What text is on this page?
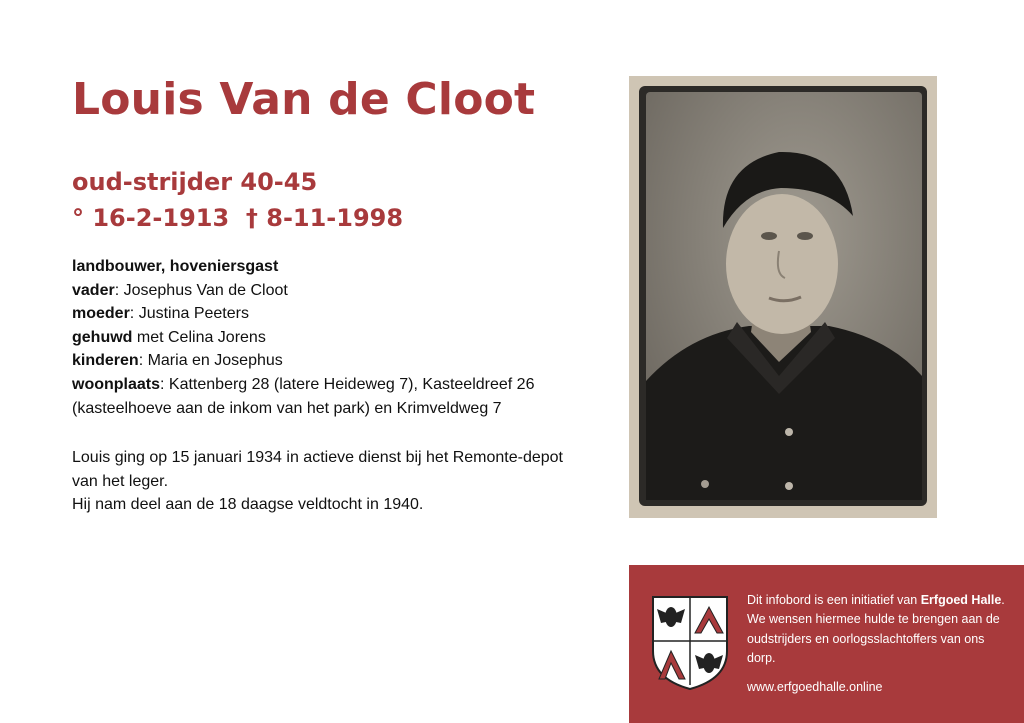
Louis Van de Cloot
oud-strijder 40-45
° 16-2-1913  † 8-11-1998
landbouwer, hoveniersgast
vader: Josephus Van de Cloot
moeder: Justina Peeters
gehuwd met Celina Jorens
kinderen: Maria en Josephus
woonplaats: Kattenberg 28 (latere Heideweg 7), Kasteeldreef 26 (kasteelhoeve aan de inkom van het park) en Krimveldweg 7
Louis ging op 15 januari 1934 in actieve dienst bij het Remonte-depot van het leger.
Hij nam deel aan de 18 daagse veldtocht in 1940.
Dit infobord is een initiatief van Erfgoed Halle. We wensen hiermee hulde te brengen aan de oudstrijders en oorlogsslachtoffers van ons dorp.
www.erfgoedhalle.online
